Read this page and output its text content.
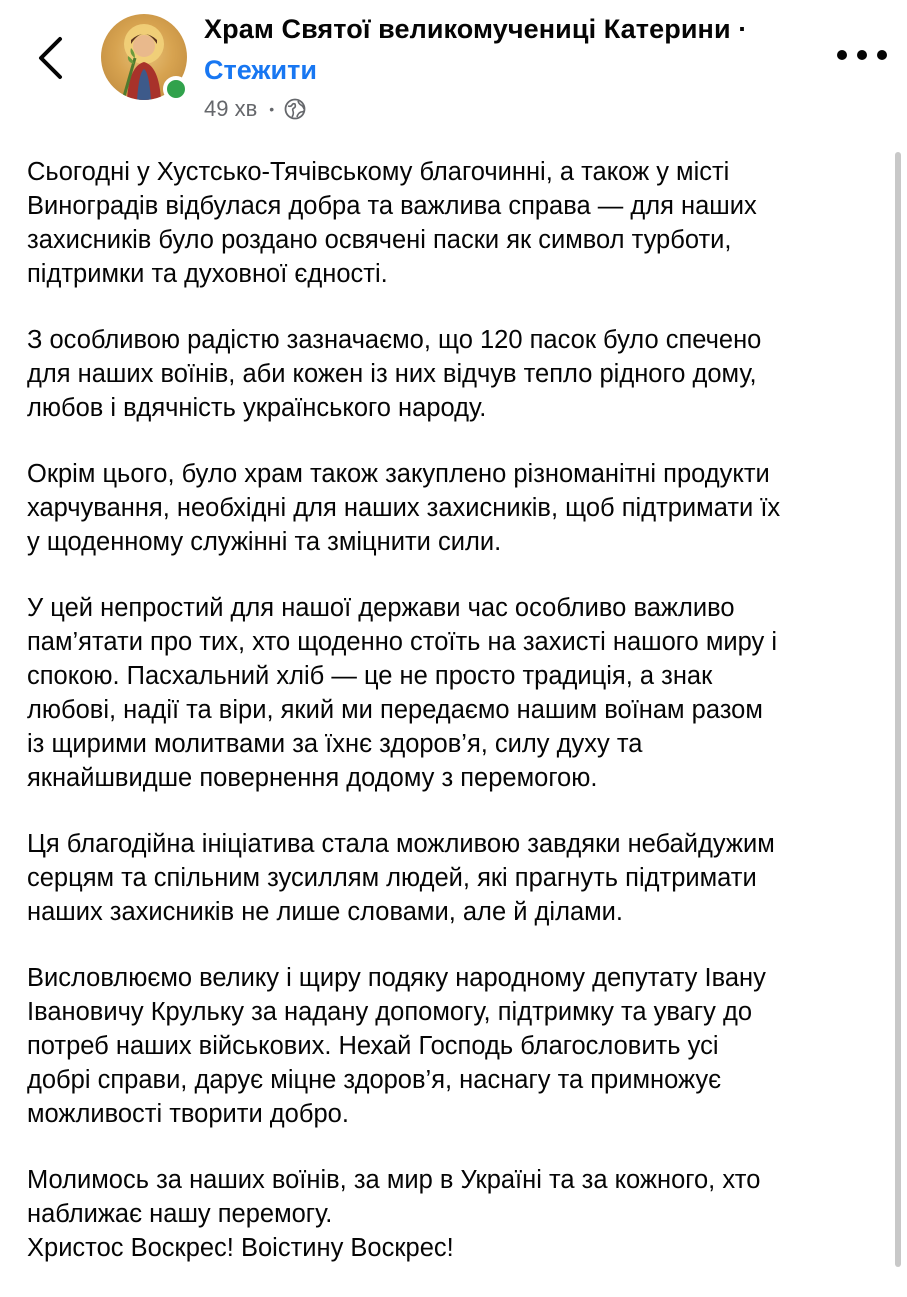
Храм Святої великомучениці Катерини ·
Стежити
49 хв •

Сьогодні у Хустсько-Тячівському благочинні, а також у місті
Виноградів відбулася добра та важлива справа — для наших
захисників було роздано освячені паски як символ турботи,
підтримки та духовної єдності.

З особливою радістю зазначаємо, що 120 пасок було спечено
для наших воїнів, аби кожен із них відчув тепло рідного дому,
любов і вдячність українського народу.

Окрім цього, було храм також закуплено різноманітні продукти
харчування, необхідні для наших захисників, щоб підтримати їх
у щоденному служінні та зміцнити сили.

У цей непростий для нашої держави час особливо важливо
пам’ятати про тих, хто щоденно стоїть на захисті нашого миру і
спокою. Пасхальний хліб — це не просто традиція, а знак
любові, надії та віри, який ми передаємо нашим воїнам разом
із щирими молитвами за їхнє здоров’я, силу духу та
якнайшвидше повернення додому з перемогою.

Ця благодійна ініціатива стала можливою завдяки небайдужим
серцям та спільним зусиллям людей, які прагнуть підтримати
наших захисників не лише словами, але й ділами.

Висловлюємо велику і щиру подяку народному депутату Івану
Івановичу Крульку за надану допомогу, підтримку та увагу до
потреб наших військових. Нехай Господь благословить усі
добрі справи, дарує міцне здоров’я, наснагу та примножує
можливості творити добро.

Молимось за наших воїнів, за мир в Україні та за кожного, хто
наближає нашу перемогу.
Христос Воскрес! Воістину Воскрес!
